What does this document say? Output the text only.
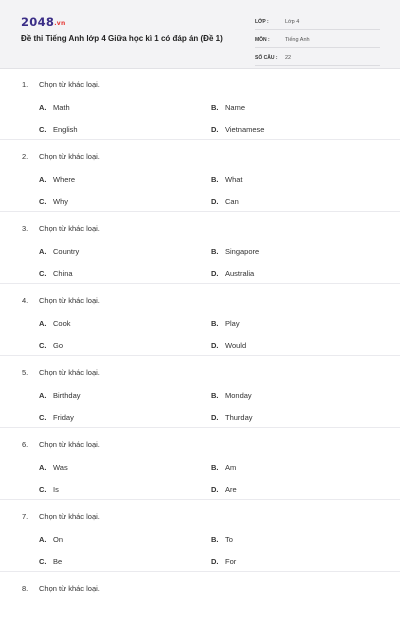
2048.vn
Đề thi Tiếng Anh lớp 4 Giữa học kì 1 có đáp án (Đề 1)
LỚP :	Lớp 4
MÔN :	Tiếng Anh
SỐ CÂU :	22
1. Chọn từ khác loại.
A. Math	B. Name
C. English	D. Vietnamese
2. Chọn từ khác loại.
A. Where	B. What
C. Why	D. Can
3. Chọn từ khác loại.
A. Country	B. Singapore
C. China	D. Australia
4. Chọn từ khác loại.
A. Cook	B. Play
C. Go	D. Would
5. Chọn từ khác loại.
A. Birthday	B. Monday
C. Friday	D. Thurday
6. Chọn từ khác loại.
A. Was	B. Am
C. Is	D. Are
7. Chọn từ khác loại.
A. On	B. To
C. Be	D. For
8. Chọn từ khác loại.
